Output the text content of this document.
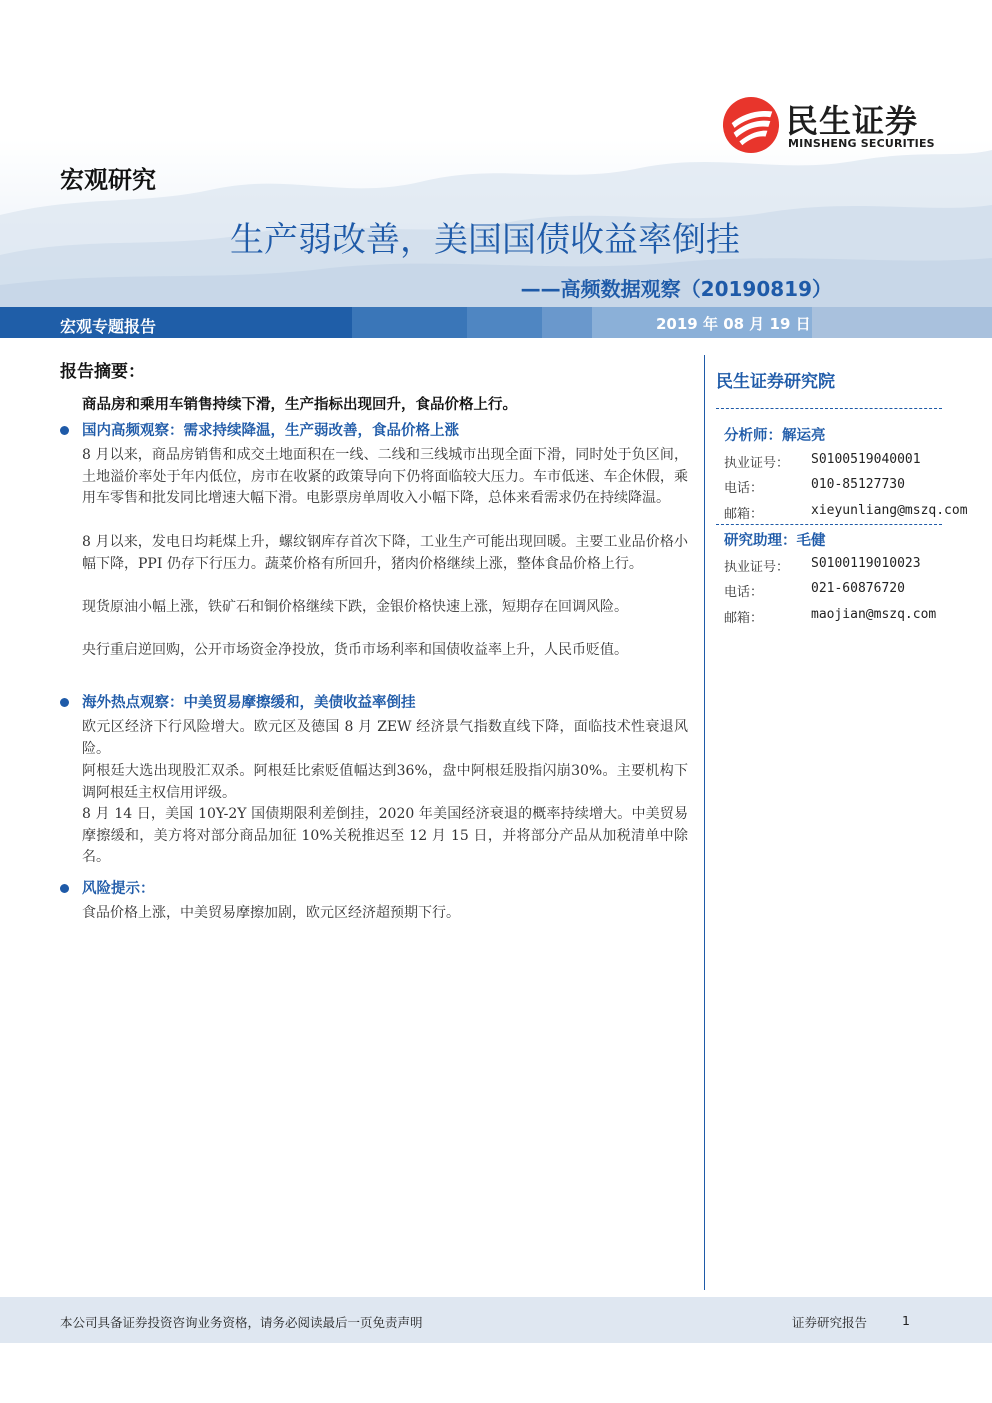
民生证券
MINSHENG SECURITIES
宏观研究
生产弱改善，美国国债收益率倒挂
——高频数据观察（20190819）
宏观专题报告	2019 年 08 月 19 日
报告摘要：
商品房和乘用车销售持续下滑，生产指标出现回升，食品价格上行。
国内高频观察：需求持续降温，生产弱改善，食品价格上涨
8 月以来，商品房销售和成交土地面积在一线、二线和三线城市出现全面下滑，同时处于负区间，土地溢价率处于年内低位，房市在收紧的政策导向下仍将面临较大压力。车市低迷、车企休假，乘用车零售和批发同比增速大幅下滑。电影票房单周收入小幅下降，总体来看需求仍在持续降温。
8 月以来，发电日均耗煤上升，螺纹钢库存首次下降，工业生产可能出现回暖。主要工业品价格小幅下降，PPI 仍存下行压力。蔬菜价格有所回升，猪肉价格继续上涨，整体食品价格上行。
现货原油小幅上涨，铁矿石和铜价格继续下跌，金银价格快速上涨，短期存在回调风险。
央行重启逆回购，公开市场资金净投放，货币市场利率和国债收益率上升，人民币贬值。
海外热点观察：中美贸易摩擦缓和，美债收益率倒挂
欧元区经济下行风险增大。欧元区及德国 8 月 ZEW 经济景气指数直线下降，面临技术性衰退风险。
阿根廷大选出现股汇双杀。阿根廷比索贬值幅达到36%，盘中阿根廷股指闪崩30%。主要机构下调阿根廷主权信用评级。
8 月 14 日，美国 10Y-2Y 国债期限利差倒挂，2020 年美国经济衰退的概率持续增大。中美贸易摩擦缓和，美方将对部分商品加征 10%关税推迟至 12 月 15 日，并将部分产品从加税清单中除名。
风险提示：
食品价格上涨，中美贸易摩擦加剧，欧元区经济超预期下行。
民生证券研究院
分析师：解运亮
执业证号： S0100519040001
电话：	010-85127730
邮箱：	xieyunliang@mszq.com
研究助理：毛健
执业证号： S0100119010023
电话：	021-60876720
邮箱：	maojian@mszq.com
本公司具备证券投资咨询业务资格，请务必阅读最后一页免责声明	证券研究报告	1
